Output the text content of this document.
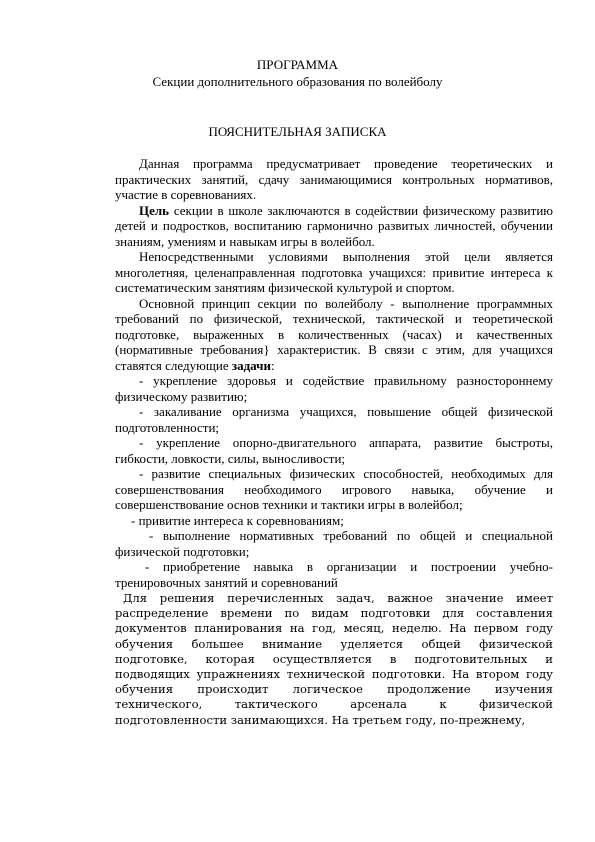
ПРОГРАММА
Секции дополнительного образования по волейболу
ПОЯСНИТЕЛЬНАЯ ЗАПИСКА

Данная программа предусматривает проведение теоретических и практических занятий, сдачу занимающимися контрольных нормативов, участие в соревнованиях.

Цель секции в школе заключаются в содействии физическому развитию детей и подростков, воспитанию гармонично развитых личностей, обучении знаниям, умениям и навыкам игры в волейбол.

Непосредственными условиями выполнения этой цели является многолетняя, целенаправленная подготовка учащихся: привитие интереса к систематическим занятиям физической культурой и спортом.

Основной принцип секции по волейболу - выполнение программных требований по физической, технической, тактической и теоретической подготовке, выраженных в количественных (часах) и качественных (нормативные требования} характеристик. В связи с этим, для учащихся ставятся следующие задачи:

- укрепление здоровья и содействие правильному разностороннему физическому развитию;

- закаливание организма учащихся, повышение общей физической подготовленности;

- укрепление опорно-двигательного аппарата, развитие быстроты, гибкости, ловкости, силы, выносливости;

- развитие специальных физических способностей, необходимых для совершенствования необходимого игрового навыка, обучение и совершенствование основ техники и тактики игры в волейбол;

- привитие интереса к соревнованиям;

- выполнение нормативных требований по общей и специальной физической подготовки;

- приобретение навыка в организации и построении учебно-тренировочных занятий и соревнований

Для решения перечисленных задач, важное значение имеет распределение времени по видам подготовки для составления документов планирования на год, месяц, неделю. На первом году обучения большее внимание уделяется общей физической подготовке, которая осуществляется в подготовительных и подводящих упражнениях технической подготовки. На втором году обучения происходит логическое продолжение изучения технического, тактического арсенала к физической подготовленности занимающихся. На третьем году, по-прежнему,
